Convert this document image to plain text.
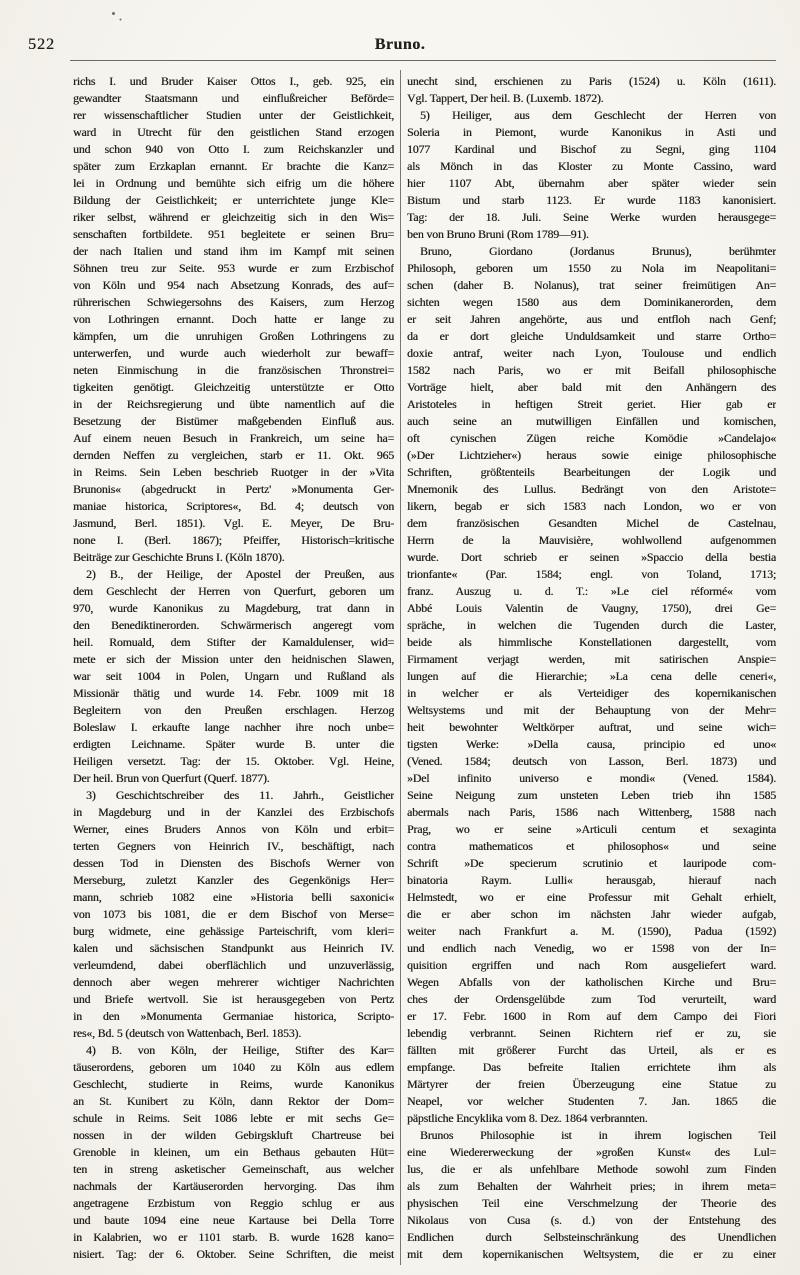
522	Bruno.
richs I. und Bruder Kaiser Ottos I., geb. 925, ein
gewandter Staatsmann und einflußreicher Beförde=
rer wissenschaftlicher Studien unter der Geistlichkeit,
ward in Utrecht für den geistlichen Stand erzogen
und schon 940 von Otto I. zum Reichskanzler und
später zum Erzkaplan ernannt. Er brachte die Kanz=
lei in Ordnung und bemühte sich eifrig um die höhere
Bildung der Geistlichkeit; er unterrichtete junge Kle=
riker selbst, während er gleichzeitig sich in den Wis=
senschaften fortbildete. 951 begleitete er seinen Bru=
der nach Italien und stand ihm im Kampf mit seinen
Söhnen treu zur Seite. 953 wurde er zum Erzbischof
von Köln und 954 nach Absetzung Konrads, des auf=
rührerischen Schwiegersohns des Kaisers, zum Herzog
von Lothringen ernannt. Doch hatte er lange zu
kämpfen, um die unruhigen Großen Lothringens zu
unterwerfen, und wurde auch wiederholt zur bewaff=
neten Einmischung in die französischen Thronstrei=
tigkeiten genötigt. Gleichzeitig unterstützte er Otto
in der Reichsregierung und übte namentlich auf die
Besetzung der Bistümer maßgebenden Einfluß aus.
Auf einem neuen Besuch in Frankreich, um seine ha=
dernden Neffen zu vergleichen, starb er 11. Okt. 965
in Reims. Sein Leben beschrieb Ruotger in der »Vita
Brunonis« (abgedruckt in Pertz' »Monumenta Ger-
maniae historica, Scriptores«, Bd. 4; deutsch von
Jasmund, Berl. 1851). Vgl. E. Meyer, De Bru-
none I. (Berl. 1867); Pfeiffer, Historisch=kritische
Beiträge zur Geschichte Bruns I. (Köln 1870).
2) B., der Heilige, der Apostel der Preußen, aus
dem Geschlecht der Herren von Querfurt, geboren um
970, wurde Kanonikus zu Magdeburg, trat dann in
den Benediktinerorden. Schwärmerisch angeregt vom
heil. Romuald, dem Stifter der Kamaldulenser, wid=
mete er sich der Mission unter den heidnischen Slawen,
war seit 1004 in Polen, Ungarn und Rußland als
Missionär thätig und wurde 14. Febr. 1009 mit 18
Begleitern von den Preußen erschlagen. Herzog
Boleslaw I. erkaufte lange nachher ihre noch unbe=
erdigten Leichname. Später wurde B. unter die
Heiligen versetzt. Tag: der 15. Oktober. Vgl. Heine,
Der heil. Brun von Querfurt (Querf. 1877).
3) Geschichtschreiber des 11. Jahrh., Geistlicher
in Magdeburg und in der Kanzlei des Erzbischofs
Werner, eines Bruders Annos von Köln und erbit=
terten Gegners von Heinrich IV., beschäftigt, nach
dessen Tod in Diensten des Bischofs Werner von
Merseburg, zuletzt Kanzler des Gegenkönigs Her=
mann, schrieb 1082 eine »Historia belli saxonici«
von 1073 bis 1081, die er dem Bischof von Merse=
burg widmete, eine gehässige Parteischrift, vom kleri=
kalen und sächsischen Standpunkt aus Heinrich IV.
verleumdend, dabei oberflächlich und unzuverlässig,
dennoch aber wegen mehrerer wichtiger Nachrichten
und Briefe wertvoll. Sie ist herausgegeben von Pertz
in den »Monumenta Germaniae historica, Scripto-
res«, Bd. 5 (deutsch von Wattenbach, Berl. 1853).
4) B. von Köln, der Heilige, Stifter des Kar=
täuserordens, geboren um 1040 zu Köln aus edlem
Geschlecht, studierte in Reims, wurde Kanonikus
an St. Kunibert zu Köln, dann Rektor der Dom=
schule in Reims. Seit 1086 lebte er mit sechs Ge=
nossen in der wilden Gebirgskluft Chartreuse bei
Grenoble in kleinen, um ein Bethaus gebauten Hüt=
ten in streng asketischer Gemeinschaft, aus welcher
nachmals der Kartäuserorden hervorging. Das ihm
angetragene Erzbistum von Reggio schlug er aus
und baute 1094 eine neue Kartause bei Della Torre
in Kalabrien, wo er 1101 starb. B. wurde 1628 kano=
nisiert. Tag: der 6. Oktober. Seine Schriften, die meist
unecht sind, erschienen zu Paris (1524) u. Köln (1611).
Vgl. Tappert, Der heil. B. (Luxemb. 1872).
5) Heiliger, aus dem Geschlecht der Herren von
Soleria in Piemont, wurde Kanonikus in Asti und
1077 Kardinal und Bischof zu Segni, ging 1104
als Mönch in das Kloster zu Monte Cassino, ward
hier 1107 Abt, übernahm aber später wieder sein
Bistum und starb 1123. Er wurde 1183 kanonisiert.
Tag: der 18. Juli. Seine Werke wurden herausgege=
ben von Bruno Bruni (Rom 1789—91).
Bruno, Giordano (Jordanus Brunus), berühmter
Philosoph, geboren um 1550 zu Nola im Neapolitani=
schen (daher B. Nolanus), trat seiner freimütigen An=
sichten wegen 1580 aus dem Dominikanerorden, dem
er seit Jahren angehörte, aus und entfloh nach Genf;
da er dort gleiche Unduldsamkeit und starre Ortho=
doxie antraf, weiter nach Lyon, Toulouse und endlich
1582 nach Paris, wo er mit Beifall philosophische
Vorträge hielt, aber bald mit den Anhängern des
Aristoteles in heftigen Streit geriet. Hier gab er
auch seine an mutwilligen Einfällen und komischen,
oft cynischen Zügen reiche Komödie »Candelajo«
(»Der Lichtzieher«) heraus sowie einige philosophische
Schriften, größtenteils Bearbeitungen der Logik und
Mnemonik des Lullus. Bedrängt von den Aristote=
likern, begab er sich 1583 nach London, wo er von
dem französischen Gesandten Michel de Castelnau,
Herrn de la Mauvisière, wohlwollend aufgenommen
wurde. Dort schrieb er seinen »Spaccio della bestia
trionfante« (Par. 1584; engl. von Toland, 1713;
franz. Auszug u. d. T.: »Le ciel réformé« vom
Abbé Louis Valentin de Vaugny, 1750), drei Ge=
spräche, in welchen die Tugenden durch die Laster,
beide als himmlische Konstellationen dargestellt, vom
Firmament verjagt werden, mit satirischen Anspie=
lungen auf die Hierarchie; »La cena delle ceneri«,
in welcher er als Verteidiger des kopernikanischen
Weltsystems und mit der Behauptung von der Mehr=
heit bewohnter Weltkörper auftrat, und seine wich=
tigsten Werke: »Della causa, principio ed uno«
(Vened. 1584; deutsch von Lasson, Berl. 1873) und
»Del infinito universo e mondi« (Vened. 1584).
Seine Neigung zum unsteten Leben trieb ihn 1585
abermals nach Paris, 1586 nach Wittenberg, 1588 nach
Prag, wo er seine »Articuli centum et sexaginta
contra mathematicos et philosophos« und seine
Schrift »De specierum scrutinio et lauripode com-
binatoria Raym. Lulli« herausgab, hierauf nach
Helmstedt, wo er eine Professur mit Gehalt erhielt,
die er aber schon im nächsten Jahr wieder aufgab,
weiter nach Frankfurt a. M. (1590), Padua (1592)
und endlich nach Venedig, wo er 1598 von der In=
quisition ergriffen und nach Rom ausgeliefert ward.
Wegen Abfalls von der katholischen Kirche und Bru=
ches der Ordensgelübde zum Tod verurteilt, ward
er 17. Febr. 1600 in Rom auf dem Campo dei Fiori
lebendig verbrannt. Seinen Richtern rief er zu, sie
fällten mit größerer Furcht das Urteil, als er es
empfange. Das befreite Italien errichtete ihm als
Märtyrer der freien Überzeugung eine Statue zu
Neapel, vor welcher Studenten 7. Jan. 1865 die
päpstliche Encyklika vom 8. Dez. 1864 verbrannten.
Brunos Philosophie ist in ihrem logischen Teil
eine Wiedererweckung der »großen Kunst« des Lul=
lus, die er als unfehlbare Methode sowohl zum Finden
als zum Behalten der Wahrheit pries; in ihrem meta=
physischen Teil eine Verschmelzung der Theorie des
Nikolaus von Cusa (s. d.) von der Entstehung des
Endlichen durch Selbsteinschränkung des Unendlichen
mit dem kopernikanischen Weltsystem, die er zu einer
